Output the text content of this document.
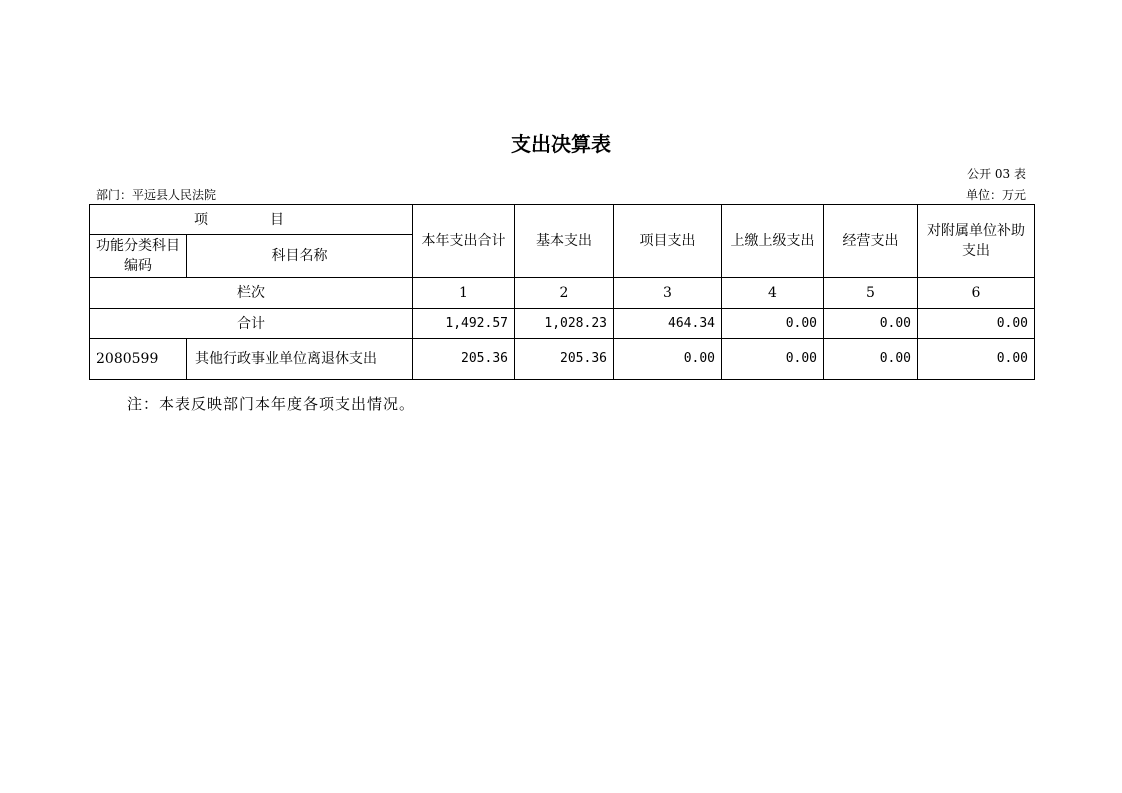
支出决算表
公开 03 表
部门：平远县人民法院	单位：万元
项　目		本年支出合计	基本支出	项目支出	上缴上级支出	经营支出	对附属单位补助支出
功能分类科目编码	科目名称						
栏次		1	2	3	4	5	6
合计		1,492.57	1,028.23	464.34	0.00	0.00	0.00
2080599	其他行政事业单位离退休支出	205.36	205.36	0.00	0.00	0.00	0.00
注：本表反映部门本年度各项支出情况。
